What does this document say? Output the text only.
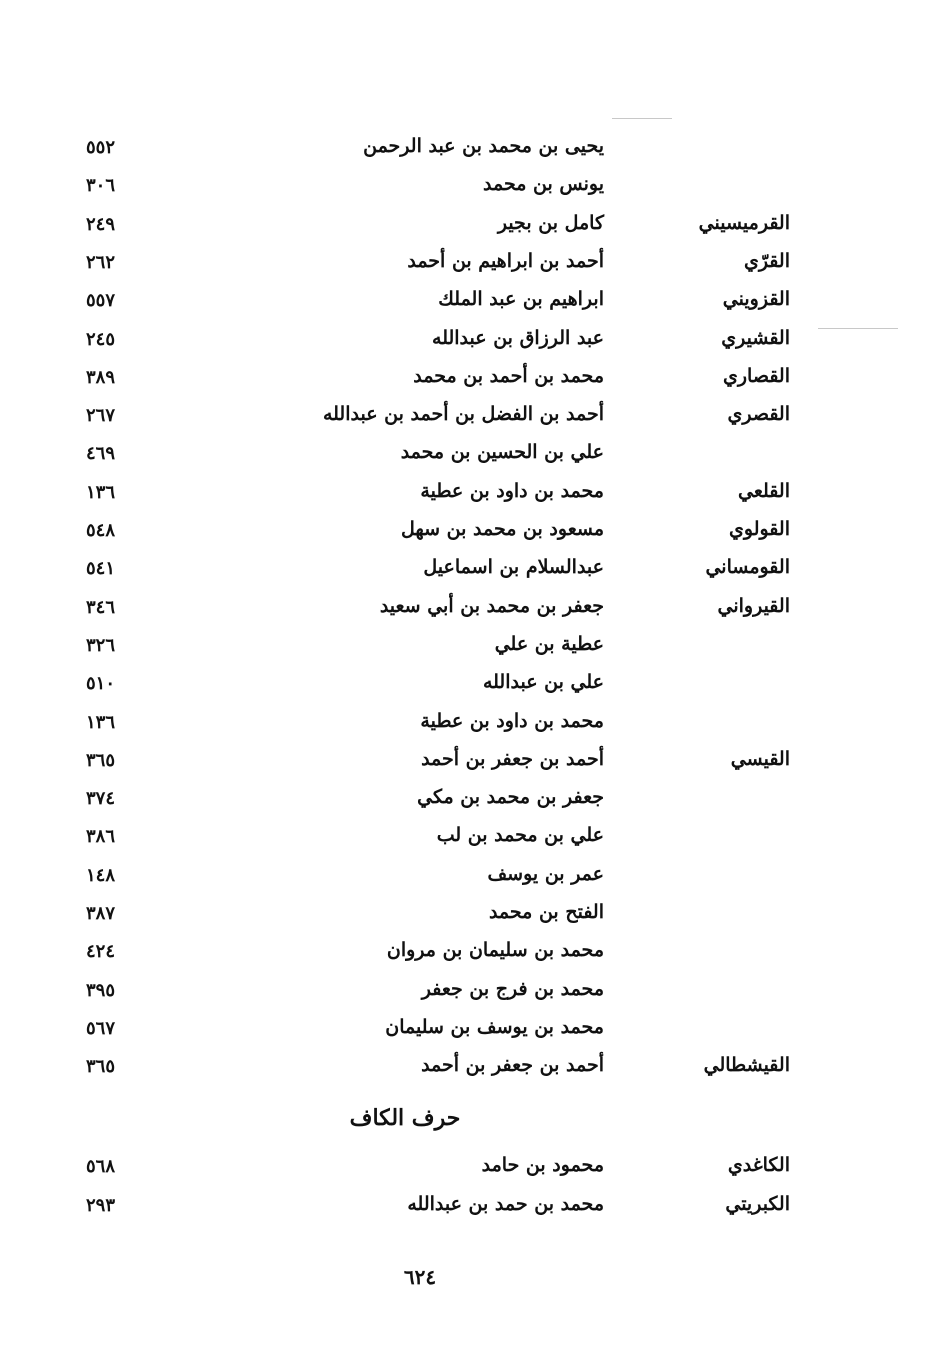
يحيى بن محمد بن عبد الرحمن
٥٥٢
يونس بن محمد
٣٠٦
القرميسيني
كامل بن بجير
٢٤٩
القرّي
أحمد بن ابراهيم بن أحمد
٢٦٢
القزويني
ابراهيم بن عبد الملك
٥٥٧
القشيري
عبد الرزاق بن عبدالله
٢٤٥
القصاري
محمد بن أحمد بن محمد
٣٨٩
القصري
أحمد بن الفضل بن أحمد بن عبدالله
٢٦٧
علي بن الحسين بن محمد
٤٦٩
القلعي
محمد بن داود بن عطية
١٣٦
القولوي
مسعود بن محمد بن سهل
٥٤٨
القومساني
عبدالسلام بن اسماعيل
٥٤١
القيرواني
جعفر بن محمد بن أبي سعيد
٣٤٦
عطية بن علي
٣٢٦
علي بن عبدالله
٥١٠
محمد بن داود بن عطية
١٣٦
القيسي
أحمد بن جعفر بن أحمد
٣٦٥
جعفر بن محمد بن مكي
٣٧٤
علي بن محمد بن لب
٣٨٦
عمر بن يوسف
١٤٨
الفتح بن محمد
٣٨٧
محمد بن سليمان بن مروان
٤٢٤
محمد بن فرج بن جعفر
٣٩٥
محمد بن يوسف بن سليمان
٥٦٧
القيشطالي
أحمد بن جعفر بن أحمد
٣٦٥
حرف الكاف
الكاغدي
محمود بن حامد
٥٦٨
الكبريتي
محمد بن حمد بن عبدالله
٢٩٣
٦٢٤
